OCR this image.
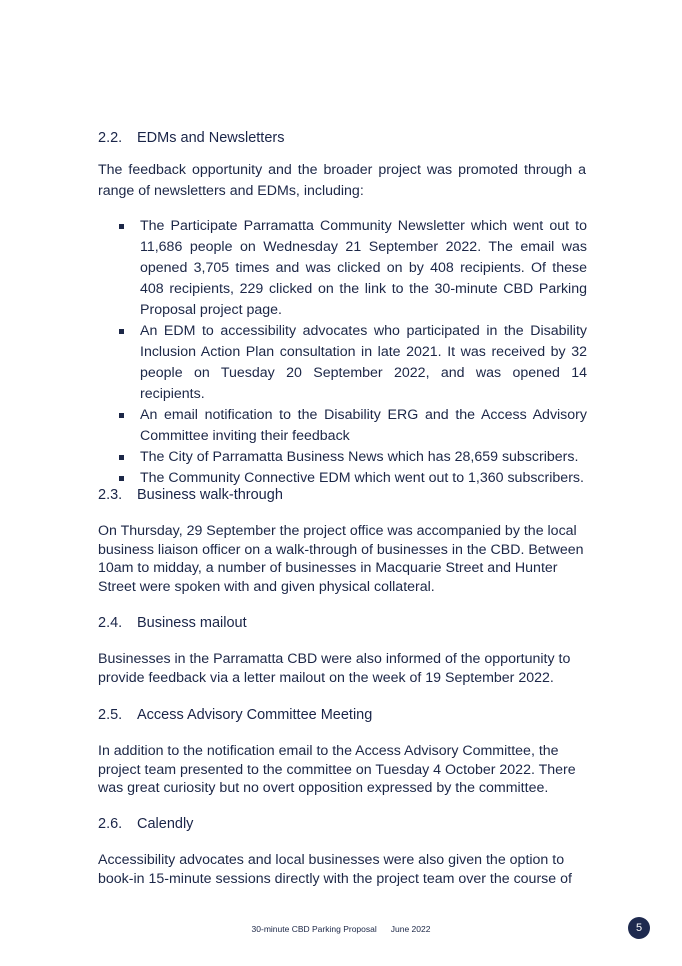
2.2. EDMs and Newsletters
The feedback opportunity and the broader project was promoted through a range of newsletters and EDMs, including:
The Participate Parramatta Community Newsletter which went out to 11,686 people on Wednesday 21 September 2022. The email was opened 3,705 times and was clicked on by 408 recipients. Of these 408 recipients, 229 clicked on the link to the 30-minute CBD Parking Proposal project page.
An EDM to accessibility advocates who participated in the Disability Inclusion Action Plan consultation in late 2021. It was received by 32 people on Tuesday 20 September 2022, and was opened 14 recipients.
An email notification to the Disability ERG and the Access Advisory Committee inviting their feedback
The City of Parramatta Business News which has 28,659 subscribers.
The Community Connective EDM which went out to 1,360 subscribers.
2.3. Business walk-through
On Thursday, 29 September the project office was accompanied by the local business liaison officer on a walk-through of businesses in the CBD. Between 10am to midday, a number of businesses in Macquarie Street and Hunter Street were spoken with and given physical collateral.
2.4. Business mailout
Businesses in the Parramatta CBD were also informed of the opportunity to provide feedback via a letter mailout on the week of 19 September 2022.
2.5. Access Advisory Committee Meeting
In addition to the notification email to the Access Advisory Committee, the project team presented to the committee on Tuesday 4 October 2022. There was great curiosity but no overt opposition expressed by the committee.
2.6. Calendly
Accessibility advocates and local businesses were also given the option to book-in 15-minute sessions directly with the project team over the course of
30-minute CBD Parking Proposal June 2022	5
